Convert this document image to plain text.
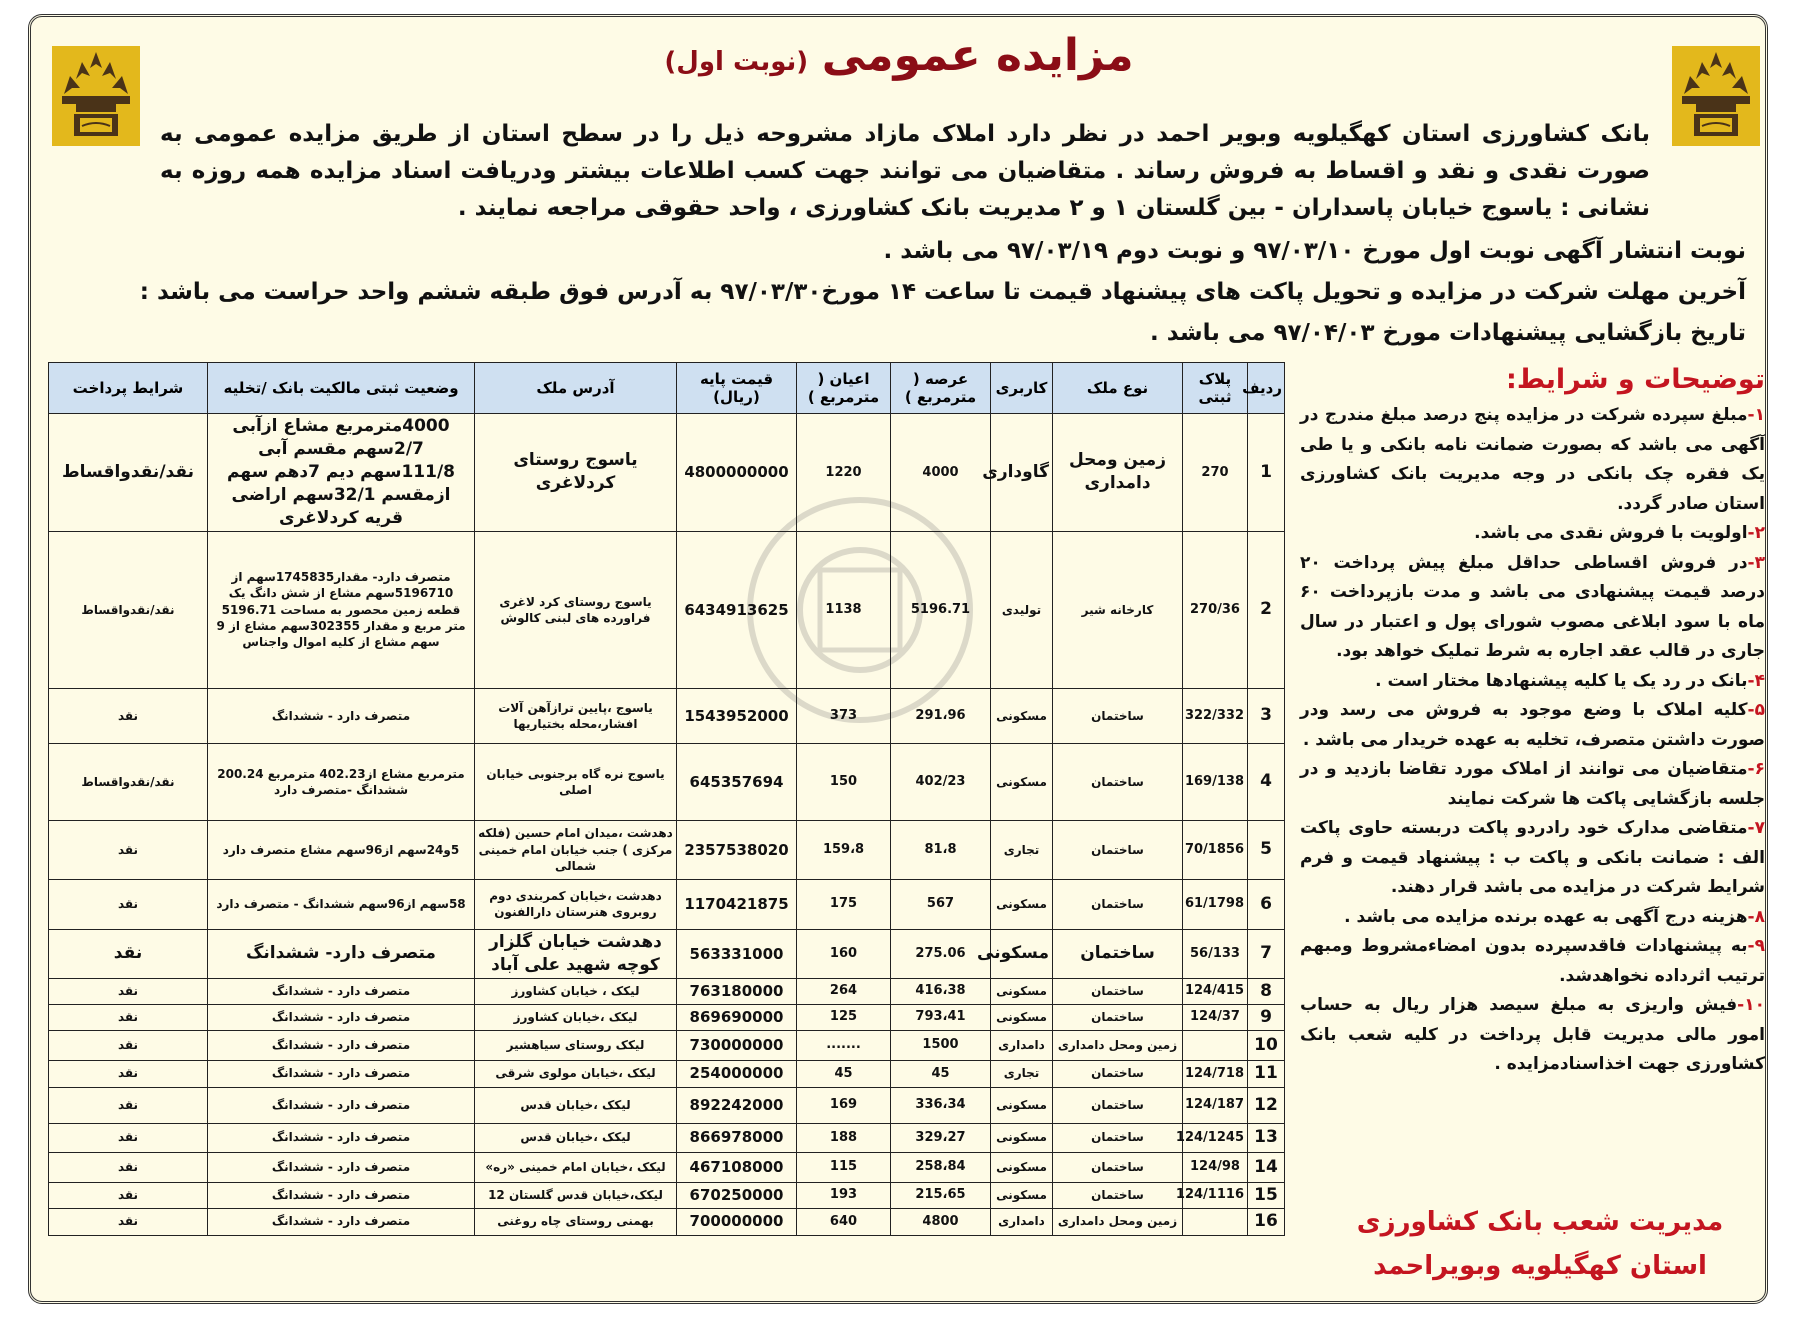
مزایده عمومی (نوبت اول)
بانک کشاورزی استان کهگیلویه وبویر احمد در نظر دارد املاک مازاد مشروحه ذیل را در سطح استان از طریق مزایده عمومی به صورت نقدی و نقد و اقساط به فروش رساند . متقاضیان می توانند جهت کسب اطلاعات بیشتر ودریافت اسناد مزایده همه روزه به نشانی : یاسوج خیابان پاسداران - بین گلستان ۱ و ۲ مدیریت بانک کشاورزی ، واحد حقوقی مراجعه نمایند .
نوبت انتشار آگهی نوبت اول مورخ ۹۷/۰۳/۱۰ و نوبت دوم ۹۷/۰۳/۱۹ می باشد .
آخرین مهلت شرکت در مزایده و تحویل پاکت های پیشنهاد قیمت تا ساعت ۱۴ مورخ۹۷/۰۳/۳۰ به آدرس فوق طبقه ششم واحد حراست می باشد :
تاریخ بازگشایی پیشنهادات مورخ ۹۷/۰۴/۰۳ می باشد .
ردیف	پلاک ثبتی	نوع ملک	کاربری	عرصه ( مترمربع )	اعیان ( مترمربع )	قیمت پایه (ریال)	آدرس ملک	وضعیت ثبتی مالکیت بانک /تخلیه	شرایط پرداخت
1	270	زمین ومحل دامداری	گاوداری	4000	1220	4800000000	یاسوج روستای کردلاغری	4000مترمربع مشاع ازآبی 2/7سهم مقسم آبی 111/8سهم دیم 7دهم سهم ازمقسم 32/1سهم اراضی قریه کردلاغری	نقد/نقدواقساط
2	270/36	کارخانه شیر	تولیدی	5196.71	1138	6434913625	یاسوج روستای کرد لاغری فراورده های لبنی کالوش	متصرف دارد- مقدار1745835سهم از 5196710سهم مشاع از شش دانگ یک قطعه زمین محصور به مساحت 5196.71 متر مربع و مقدار 302355سهم مشاع از 9 سهم مشاع از کلیه اموال واجناس	نقد/نقدواقساط
3	322/332	ساختمان	مسکونی	291،96	373	1543952000	یاسوج ،پایین ترازآهن آلات افشار،محله بختیاریها	متصرف دارد - ششدانگ	نقد
4	169/138	ساختمان	مسکونی	402/23	150	645357694	یاسوج نره گاه برجنوبی خیابان اصلی	مترمربع مشاع از402.23 مترمربع 200.24 ششدانگ -متصرف دارد	نقد/نقدواقساط
5	70/1856	ساختمان	تجاری	81،8	159،8	2357538020	دهدشت ،میدان امام حسین (فلکه مرکزی ) جنب خیابان امام خمینی شمالی	5و24سهم از96سهم مشاع متصرف دارد	نقد
6	61/1798	ساختمان	مسکونی	567	175	1170421875	دهدشت ،خیابان کمربندی دوم روبروی هنرستان دارالفنون	58سهم از96سهم ششدانگ - متصرف دارد	نقد
7	56/133	ساختمان	مسکونی	275.06	160	563331000	دهدشت خیابان گلزار کوچه شهید علی آباد	متصرف دارد- ششدانگ	نقد
8	124/415	ساختمان	مسکونی	416،38	264	763180000	لیکک ، خیابان کشاورز	متصرف دارد - ششدانگ	نقد
9	124/37	ساختمان	مسکونی	793،41	125	869690000	لیکک ،خیابان کشاورز	متصرف دارد - ششدانگ	نقد
10		زمین ومحل دامداری	دامداری	1500	.......	730000000	لیکک روستای سیاهشیر	متصرف دارد - ششدانگ	نقد
11	124/718	ساختمان	تجاری	45	45	254000000	لیکک ،خیابان مولوی شرقی	متصرف دارد - ششدانگ	نقد
12	124/187	ساختمان	مسکونی	336،34	169	892242000	لیکک ،خیابان قدس	متصرف دارد - ششدانگ	نقد
13	124/1245	ساختمان	مسکونی	329،27	188	866978000	لیکک ،خیابان قدس	متصرف دارد - ششدانگ	نقد
14	124/98	ساختمان	مسکونی	258،84	115	467108000	لیکک ،خیابان امام خمینی «ره»	متصرف دارد - ششدانگ	نقد
15	124/1116	ساختمان	مسکونی	215،65	193	670250000	لیکک،خیابان قدس گلستان 12	متصرف دارد - ششدانگ	نقد
16		زمین ومحل دامداری	دامداری	4800	640	700000000	بهمنی روستای چاه روغنی	متصرف دارد - ششدانگ	نقد
توضیحات و شرایط:

۱-مبلغ سپرده شرکت در مزایده پنج درصد مبلغ مندرج در آگهی می باشد که بصورت ضمانت نامه بانکی و یا طی یک فقره چک بانکی در وجه مدیریت بانک کشاورزی استان صادر گردد.

۲-اولویت با فروش نقدی می باشد.

۳-در فروش اقساطی حداقل مبلغ پیش پرداخت ۲۰ درصد قیمت پیشنهادی می باشد و مدت بازپرداخت ۶۰ ماه با سود ابلاغی مصوب شورای پول و اعتبار در سال جاری در قالب عقد اجاره به شرط تملیک خواهد بود.

۴-بانک در رد یک یا کلیه پیشنهادها مختار است .

۵-کلیه املاک با وضع موجود به فروش می رسد ودر صورت داشتن متصرف، تخلیه به عهده خریدار می باشد .

۶-متقاضیان می توانند از املاک مورد تقاضا بازدید و در جلسه بازگشایی پاکت ها شرکت نمایند

۷-متقاضی مدارک خود رادردو پاکت دربسته حاوی پاکت الف : ضمانت بانکی و پاکت ب : پیشنهاد قیمت و فرم شرایط شرکت در مزایده می باشد قرار دهند.

۸-هزینه درج آگهی به عهده برنده مزایده می باشد .

۹-به پیشنهادات فاقدسپرده بدون امضاءمشروط ومبهم ترتیب اثرداده نخواهدشد.

۱۰-فیش واریزی به مبلغ سیصد هزار ریال به حساب امور مالی مدیریت قابل پرداخت در کلیه شعب بانک کشاورزی جهت اخذاسنادمزایده .

مدیریت شعب بانک کشاورزی
استان کهگیلویه وبویراحمد
